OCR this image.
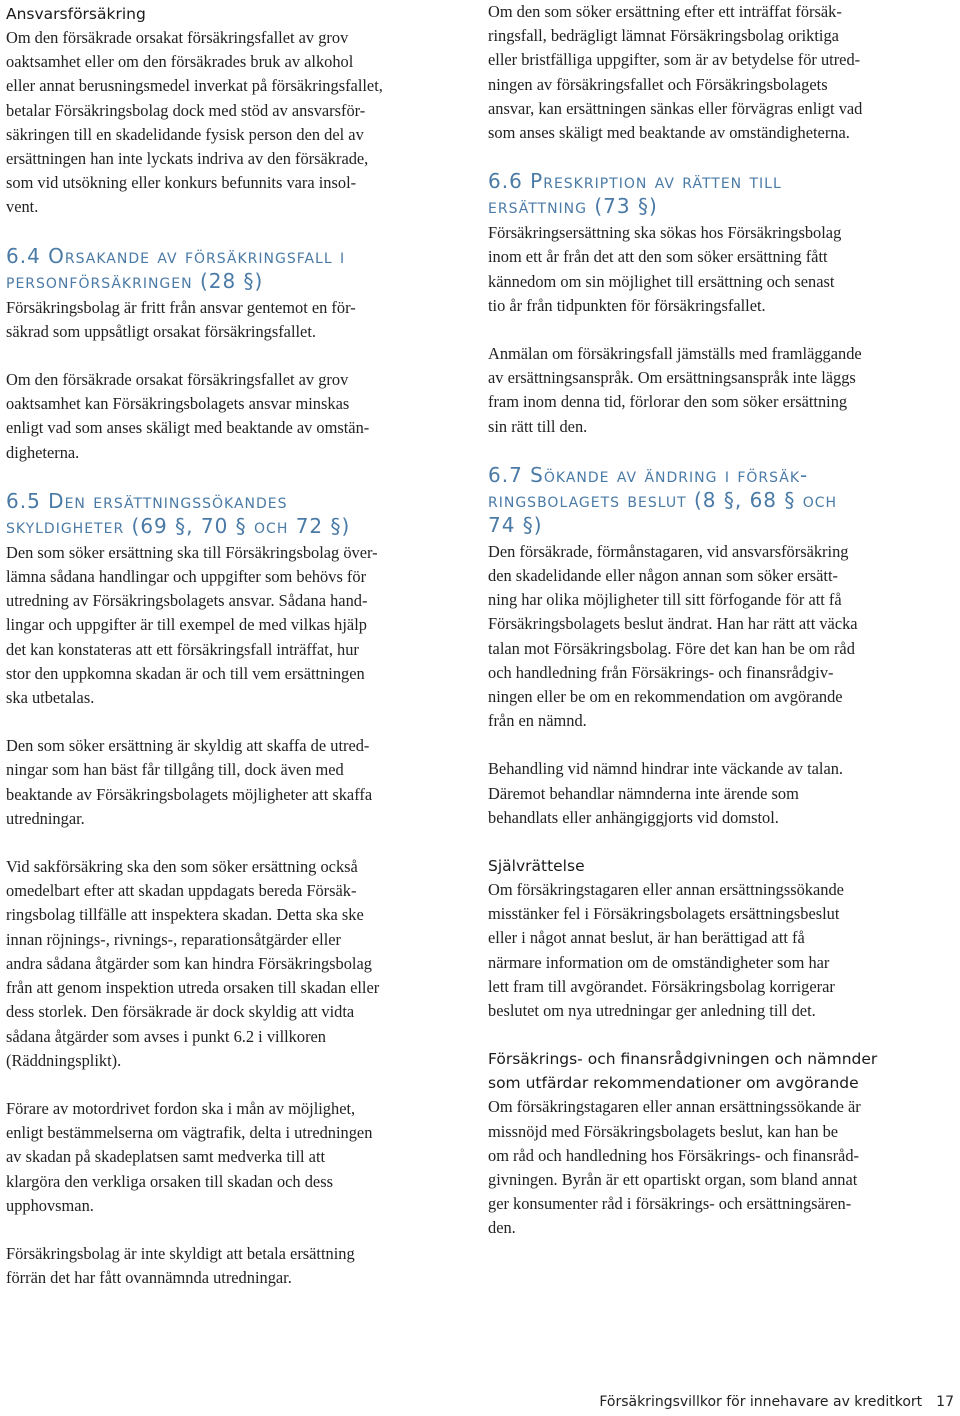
Ansvarsförsäkring

Om den försäkrade orsakat försäkringsfallet av grov
oaktsamhet eller om den försäkrades bruk av alkohol
eller annat berusningsmedel inverkat på försäkringsfallet,
betalar Försäkringsbolag dock med stöd av ansvarsför-
säkringen till en skadelidande fysisk person den del av
ersättningen han inte lyckats indriva av den försäkrade,
som vid utsökning eller konkurs befunnits vara insol-
vent.

6.4 Orsakande av försäkringsfall i
personförsäkringen (28 §)

Försäkringsbolag är fritt från ansvar gentemot en för-
säkrad som uppsåtligt orsakat försäkringsfallet.

Om den försäkrade orsakat försäkringsfallet av grov
oaktsamhet kan Försäkringsbolagets ansvar minskas
enligt vad som anses skäligt med beaktande av omstän-
digheterna.

6.5 Den ersättningssökandes
skyldigheter (69 §, 70 § och 72 §)

Den som söker ersättning ska till Försäkringsbolag över-
lämna sådana handlingar och uppgifter som behövs för
utredning av Försäkringsbolagets ansvar. Sådana hand-
lingar och uppgifter är till exempel de med vilkas hjälp
det kan konstateras att ett försäkringsfall inträffat, hur
stor den uppkomna skadan är och till vem ersättningen
ska utbetalas.

Den som söker ersättning är skyldig att skaffa de utred-
ningar som han bäst får tillgång till, dock även med
beaktande av Försäkringsbolagets möjligheter att skaffa
utredningar.

Vid sakförsäkring ska den som söker ersättning också
omedelbart efter att skadan uppdagats bereda Försäk-
ringsbolag tillfälle att inspektera skadan. Detta ska ske
innan röjnings-, rivnings-, reparationsåtgärder eller
andra sådana åtgärder som kan hindra Försäkringsbolag
från att genom inspektion utreda orsaken till skadan eller
dess storlek. Den försäkrade är dock skyldig att vidta
sådana åtgärder som avses i punkt 6.2 i villkoren
(Räddningsplikt).

Förare av motordrivet fordon ska i mån av möjlighet,
enligt bestämmelserna om vägtrafik, delta i utredningen
av skadan på skadeplatsen samt medverka till att
klargöra den verkliga orsaken till skadan och dess
upphovsman.

Försäkringsbolag är inte skyldigt att betala ersättning
förrän det har fått ovannämnda utredningar.

Om den som söker ersättning efter ett inträffat försäk-
ringsfall, bedrägligt lämnat Försäkringsbolag oriktiga
eller bristfälliga uppgifter, som är av betydelse för utred-
ningen av försäkringsfallet och Försäkringsbolagets
ansvar, kan ersättningen sänkas eller förvägras enligt vad
som anses skäligt med beaktande av omständigheterna.

6.6 Preskription av rätten till
ersättning (73 §)

Försäkringsersättning ska sökas hos Försäkringsbolag
inom ett år från det att den som söker ersättning fått
kännedom om sin möjlighet till ersättning och senast
tio år från tidpunkten för försäkringsfallet.

Anmälan om försäkringsfall jämställs med framläggande
av ersättningsanspråk. Om ersättningsanspråk inte läggs
fram inom denna tid, förlorar den som söker ersättning
sin rätt till den.

6.7 Sökande av ändring i försäk-
ringsbolagets beslut (8 §, 68 § och
74 §)

Den försäkrade, förmånstagaren, vid ansvarsförsäkring
den skadelidande eller någon annan som söker ersätt-
ning har olika möjligheter till sitt förfogande för att få
Försäkringsbolagets beslut ändrat. Han har rätt att väcka
talan mot Försäkringsbolag. Före det kan han be om råd
och handledning från Försäkrings- och finansrådgiv-
ningen eller be om en rekommendation om avgörande
från en nämnd.

Behandling vid nämnd hindrar inte väckande av talan.
Däremot behandlar nämnderna inte ärende som
behandlats eller anhängiggjorts vid domstol.

Självrättelse

Om försäkringstagaren eller annan ersättningssökande
misstänker fel i Försäkringsbolagets ersättningsbeslut
eller i något annat beslut, är han berättigad att få
närmare information om de omständigheter som har
lett fram till avgörandet. Försäkringsbolag korrigerar
beslutet om nya utredningar ger anledning till det.

Försäkrings- och finansrådgivningen och nämnder
som utfärdar rekommendationer om avgörande

Om försäkringstagaren eller annan ersättningssökande är
missnöjd med Försäkringsbolagets beslut, kan han be
om råd och handledning hos Försäkrings- och finansråd-
givningen. Byrån är ett opartiskt organ, som bland annat
ger konsumenter råd i försäkrings- och ersättningsären-
den.

Försäkringsvillkor för innehavare av kreditkort 17
